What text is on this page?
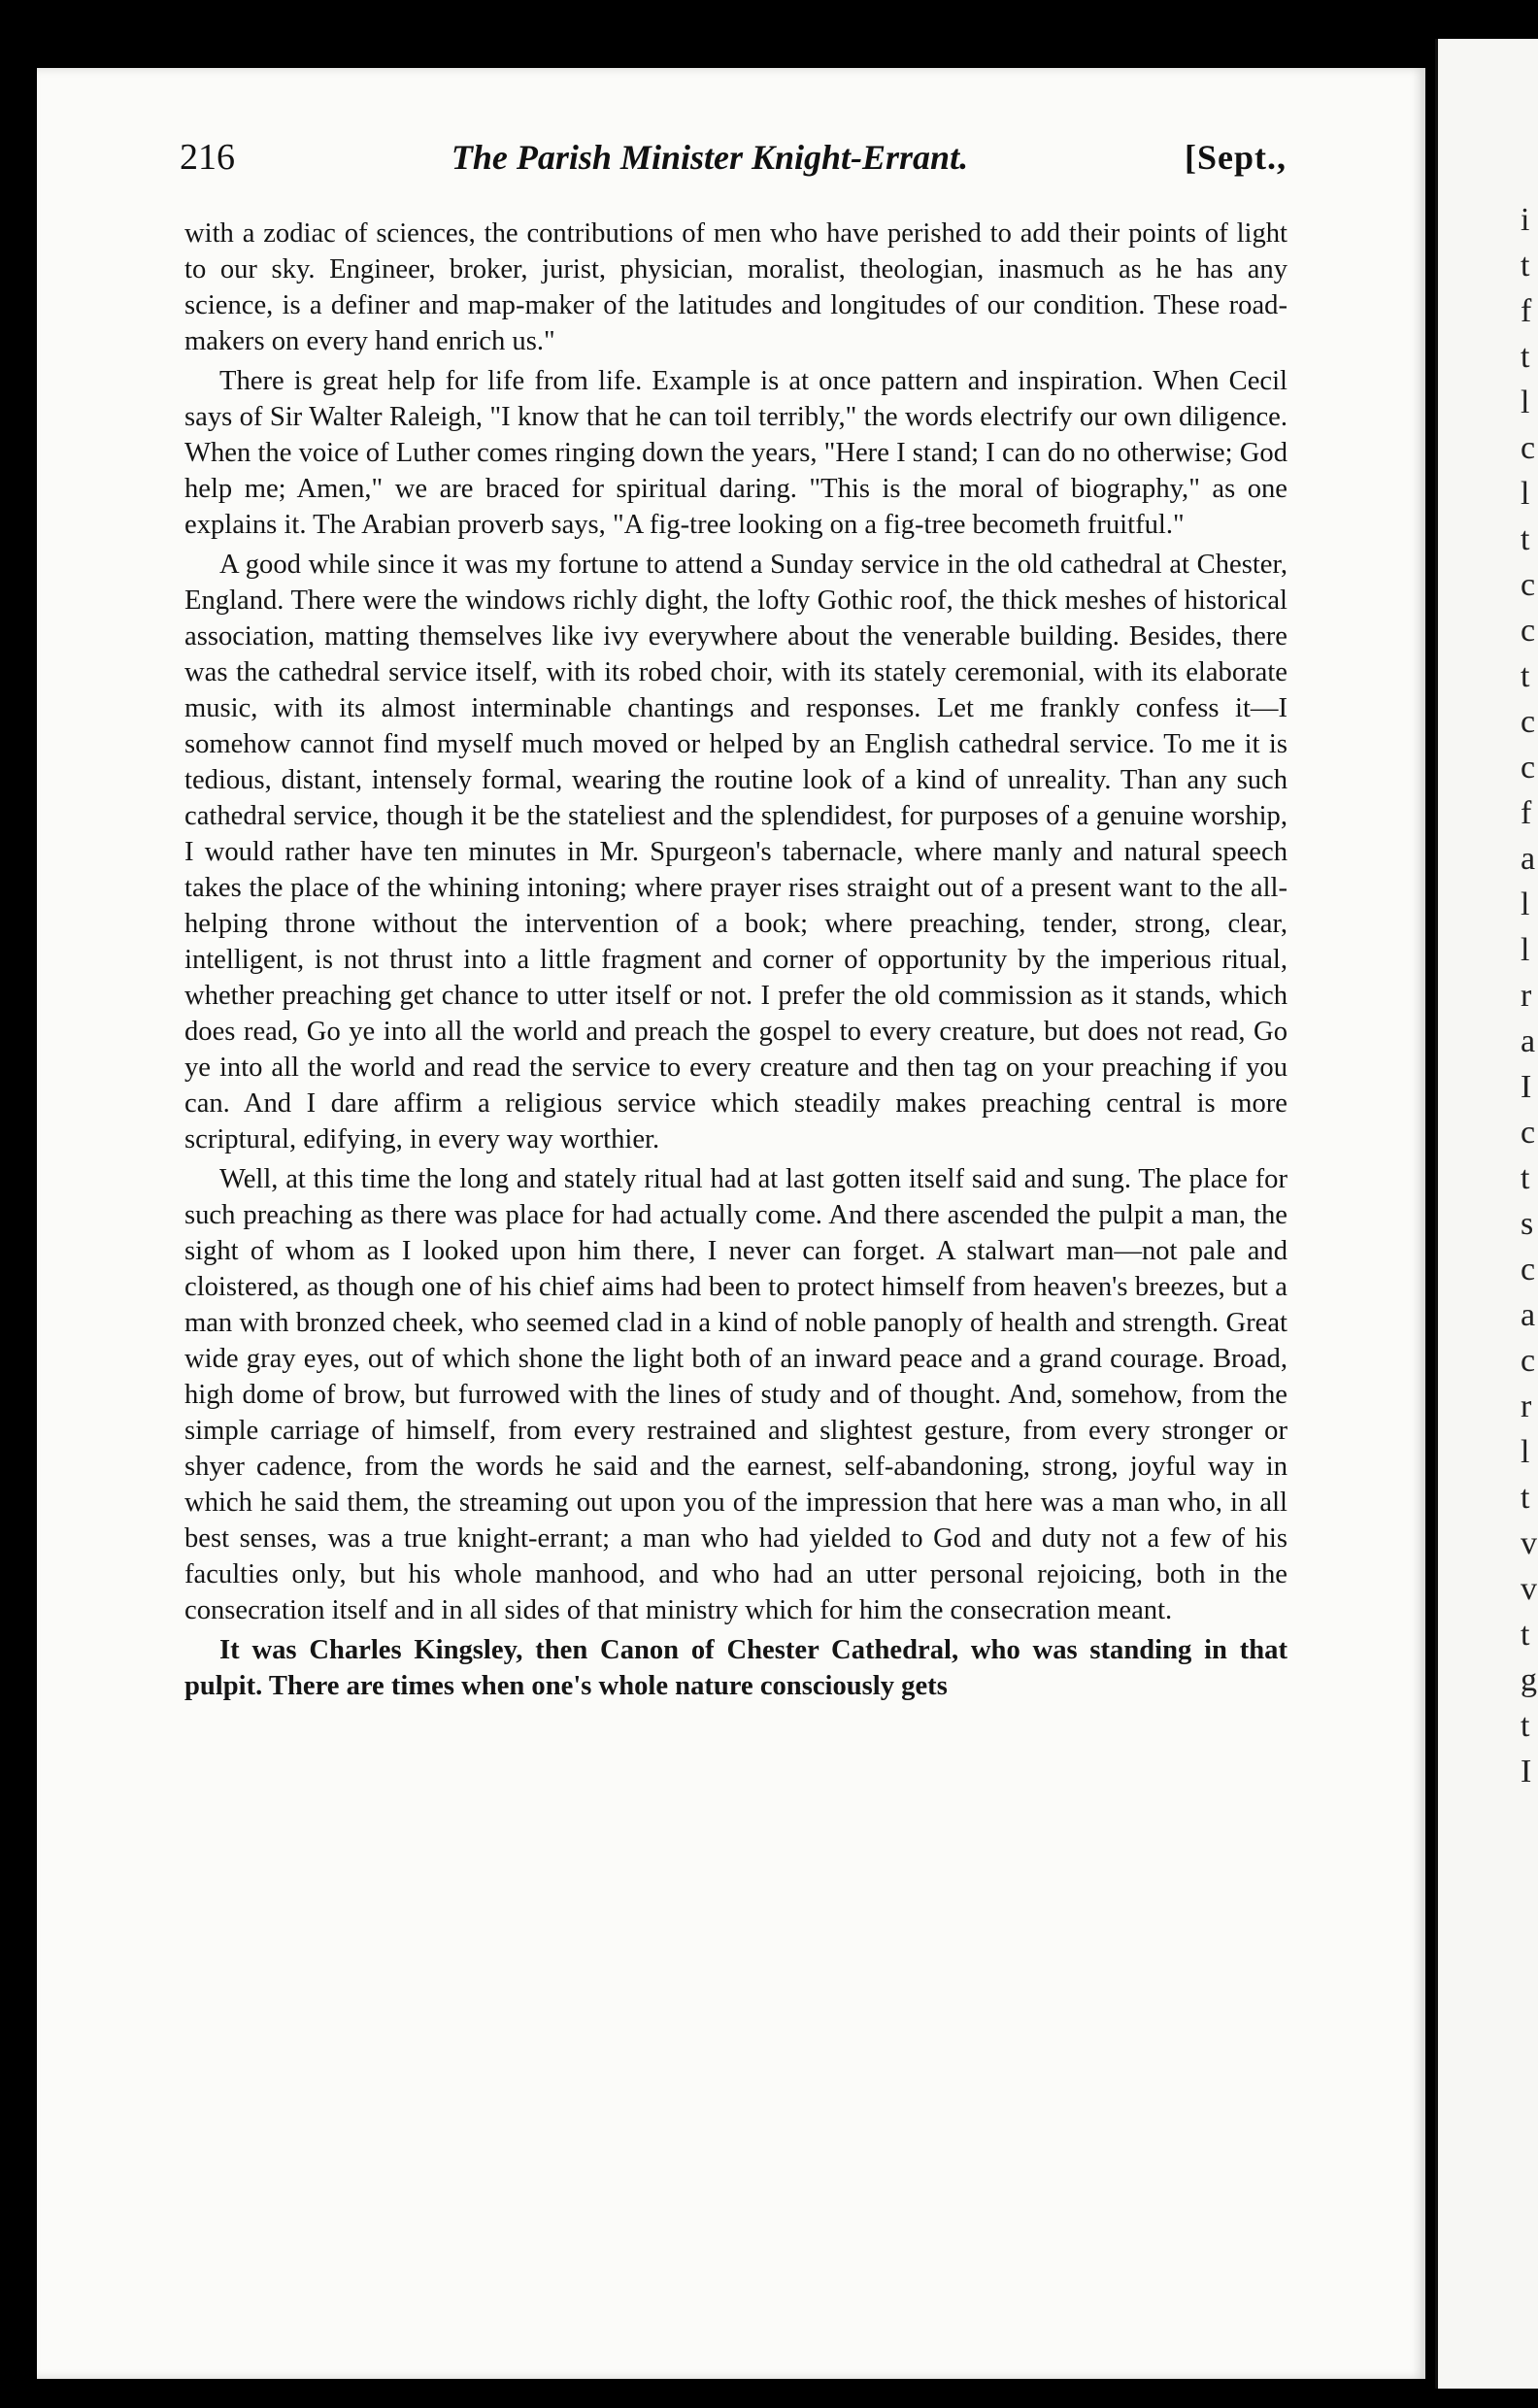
i
t
f
t
l
c
l
t
c
c
t
c
c
f
a
l
l
r
a
I
c
t
s
c
a
c
r
l
t
v
v
t
g
t
I
216	The Parish Minister Knight-Errant.	[Sept.,

with a zodiac of sciences, the contributions of men who have perished to add their points of light to our sky. Engineer, broker, jurist, physician, moralist, theologian, inasmuch as he has any science, is a definer and map-maker of the latitudes and longitudes of our condition. These road-makers on every hand enrich us."

There is great help for life from life. Example is at once pattern and inspiration. When Cecil says of Sir Walter Raleigh, "I know that he can toil terribly," the words electrify our own diligence. When the voice of Luther comes ringing down the years, "Here I stand; I can do no otherwise; God help me; Amen," we are braced for spiritual daring. "This is the moral of biography," as one explains it. The Arabian proverb says, "A fig-tree looking on a fig-tree becometh fruitful."

A good while since it was my fortune to attend a Sunday service in the old cathedral at Chester, England. There were the windows richly dight, the lofty Gothic roof, the thick meshes of historical association, matting themselves like ivy everywhere about the venerable building. Besides, there was the cathedral service itself, with its robed choir, with its stately ceremonial, with its elaborate music, with its almost interminable chantings and responses. Let me frankly confess it—I somehow cannot find myself much moved or helped by an English cathedral service. To me it is tedious, distant, intensely formal, wearing the routine look of a kind of unreality. Than any such cathedral service, though it be the stateliest and the splendidest, for purposes of a genuine worship, I would rather have ten minutes in Mr. Spurgeon's tabernacle, where manly and natural speech takes the place of the whining intoning; where prayer rises straight out of a present want to the all-helping throne without the intervention of a book; where preaching, tender, strong, clear, intelligent, is not thrust into a little fragment and corner of opportunity by the imperious ritual, whether preaching get chance to utter itself or not. I prefer the old commission as it stands, which does read, Go ye into all the world and preach the gospel to every creature, but does not read, Go ye into all the world and read the service to every creature and then tag on your preaching if you can. And I dare affirm a religious service which steadily makes preaching central is more scriptural, edifying, in every way worthier.

Well, at this time the long and stately ritual had at last gotten itself said and sung. The place for such preaching as there was place for had actually come. And there ascended the pulpit a man, the sight of whom as I looked upon him there, I never can forget. A stalwart man—not pale and cloistered, as though one of his chief aims had been to protect himself from heaven's breezes, but a man with bronzed cheek, who seemed clad in a kind of noble panoply of health and strength. Great wide gray eyes, out of which shone the light both of an inward peace and a grand courage. Broad, high dome of brow, but furrowed with the lines of study and of thought. And, somehow, from the simple carriage of himself, from every restrained and slightest gesture, from every stronger or shyer cadence, from the words he said and the earnest, self-abandoning, strong, joyful way in which he said them, the streaming out upon you of the impression that here was a man who, in all best senses, was a true knight-errant; a man who had yielded to God and duty not a few of his faculties only, but his whole manhood, and who had an utter personal rejoicing, both in the consecration itself and in all sides of that ministry which for him the consecration meant.

It was Charles Kingsley, then Canon of Chester Cathedral, who was standing in that pulpit. There are times when one's whole nature consciously gets
